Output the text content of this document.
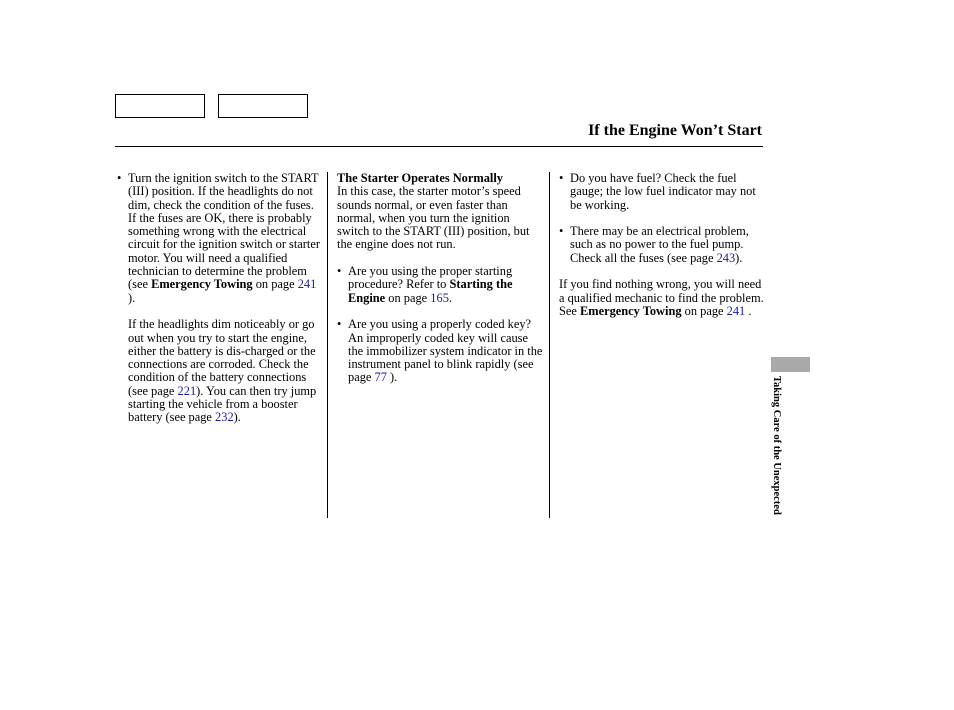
If the Engine Won’t Start
• Turn the ignition switch to the START (III) position. If the headlights do not dim, check the condition of the fuses. If the fuses are OK, there is probably something wrong with the electrical circuit for the ignition switch or starter motor. You will need a qualified technician to determine the problem (see Emergency Towing on page 241 ).

If the headlights dim noticeably or go out when you try to start the engine, either the battery is dis-charged or the connections are corroded. Check the condition of the battery connections (see page 221). You can then try jump starting the vehicle from a booster battery (see page 232).

The Starter Operates Normally

In this case, the starter motor’s speed sounds normal, or even faster than normal, when you turn the ignition switch to the START (III) position, but the engine does not run.

• Are you using the proper starting procedure? Refer to Starting the Engine on page 165.
• Are you using a properly coded key? An improperly coded key will cause the immobilizer system indicator in the instrument panel to blink rapidly (see page 77 ).
• Do you have fuel? Check the fuel gauge; the low fuel indicator may not be working.
• There may be an electrical problem, such as no power to the fuel pump. Check all the fuses (see page 243).

If you find nothing wrong, you will need a qualified mechanic to find the problem. See Emergency Towing on page 241 .

Taking Care of the Unexpected
